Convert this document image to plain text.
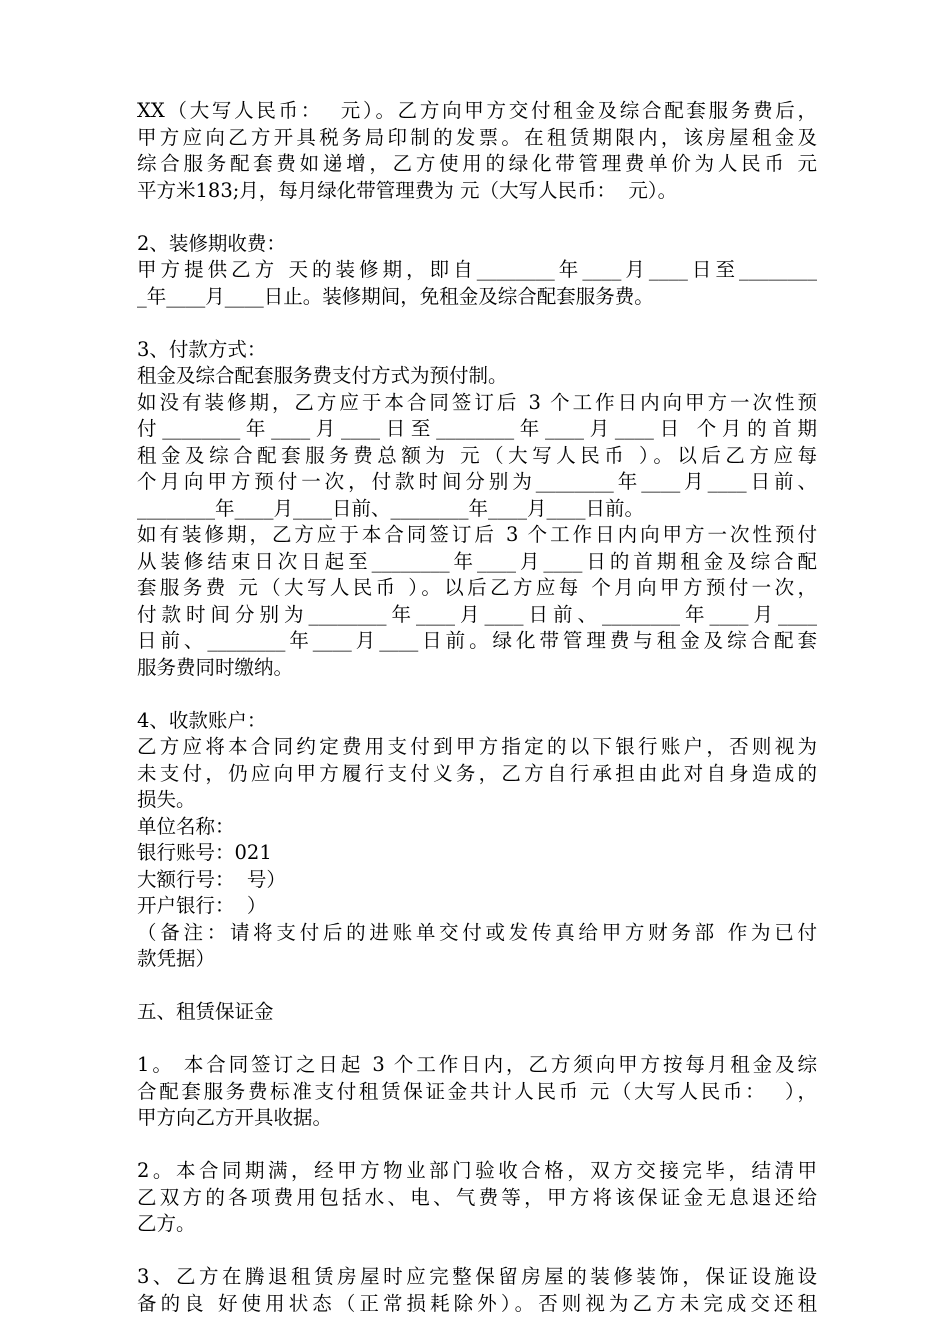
XX（大写人民币：  元）。乙方向甲方交付租金及综合配套服务费后，
甲方应向乙方开具税务局印制的发票。在租赁期限内，该房屋租金及
综合服务配套费如递增，乙方使用的绿化带管理费单价为人民币 元
平方米183;月，每月绿化带管理费为 元（大写人民币：  元）。
2、装修期收费：
甲方提供乙方 天的装修期，即自________年____月____日至________
_年____月____日止。装修期间，免租金及综合配套服务费。
3、付款方式：
租金及综合配套服务费支付方式为预付制。
如没有装修期，乙方应于本合同签订后 3 个工作日内向甲方一次性预
付________年____月____日至________年____月____日 个月的首期
租金及综合配套服务费总额为 元（大写人民币 ）。以后乙方应每
个月向甲方预付一次，付款时间分别为________年____月____日前、
________年____月____日前、________年____月____日前。
如有装修期，乙方应于本合同签订后 3 个工作日内向甲方一次性预付
从装修结束日次日起至________年____月____日的首期租金及综合配
套服务费 元（大写人民币 ）。以后乙方应每 个月向甲方预付一次，
付款时间分别为________年____月____日前、________年____月____
日前、________年____月____日前。绿化带管理费与租金及综合配套
服务费同时缴纳。
4、收款账户：
乙方应将本合同约定费用支付到甲方指定的以下银行账户，否则视为
未支付，仍应向甲方履行支付义务，乙方自行承担由此对自身造成的
损失。
单位名称：
银行账号：021
大额行号：  号）
开户银行：  ）
（备注：请将支付后的进账单交付或发传真给甲方财务部 作为已付
款凭据）
五、租赁保证金
1。 本合同签订之日起 3 个工作日内，乙方须向甲方按每月租金及综
合配套服务费标准支付租赁保证金共计人民币 元（大写人民币：  ），
甲方向乙方开具收据。
2。本合同期满，经甲方物业部门验收合格，双方交接完毕，结清甲
乙双方的各项费用包括水、电、气费等，甲方将该保证金无息退还给
乙方。
3、乙方在腾退租赁房屋时应完整保留房屋的装修装饰，保证设施设
备的良 好使用状态（正常损耗除外）。否则视为乙方未完成交还租
